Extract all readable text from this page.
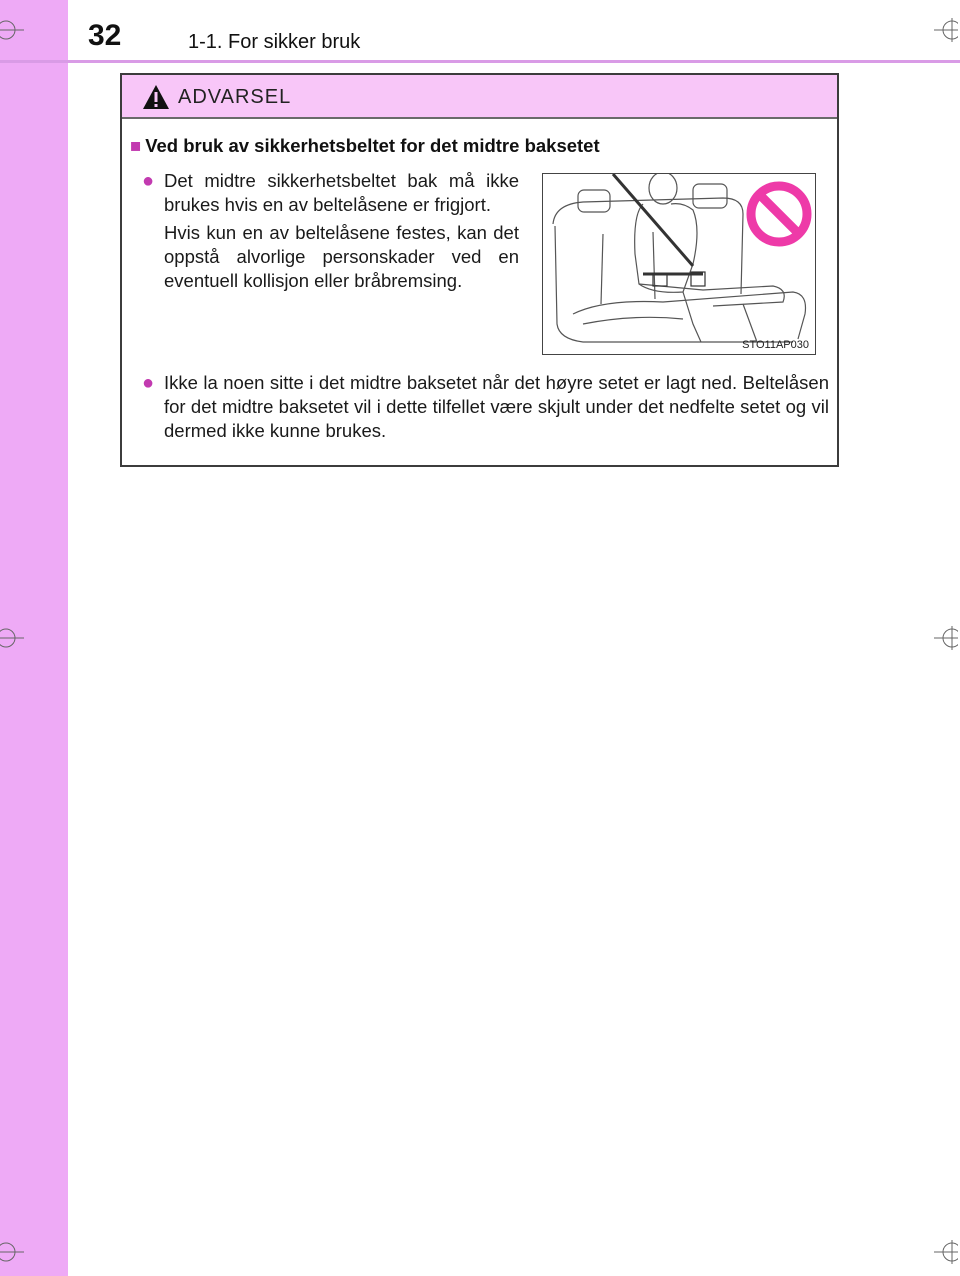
32	1-1. For sikker bruk
ADVARSEL
■ Ved bruk av sikkerhetsbeltet for det midtre baksetet
● Det midtre sikkerhetsbeltet bak må ikke brukes hvis en av beltelåsene er frigjort.
Hvis kun en av beltelåsene festes, kan det oppstå alvorlige personskader ved en eventuell kollisjon eller bråbremsing.
STO11AP030
● Ikke la noen sitte i det midtre baksetet når det høyre setet er lagt ned. Beltelåsen for det midtre baksetet vil i dette tilfellet være skjult under det nedfelte setet og vil dermed ikke kunne brukes.
